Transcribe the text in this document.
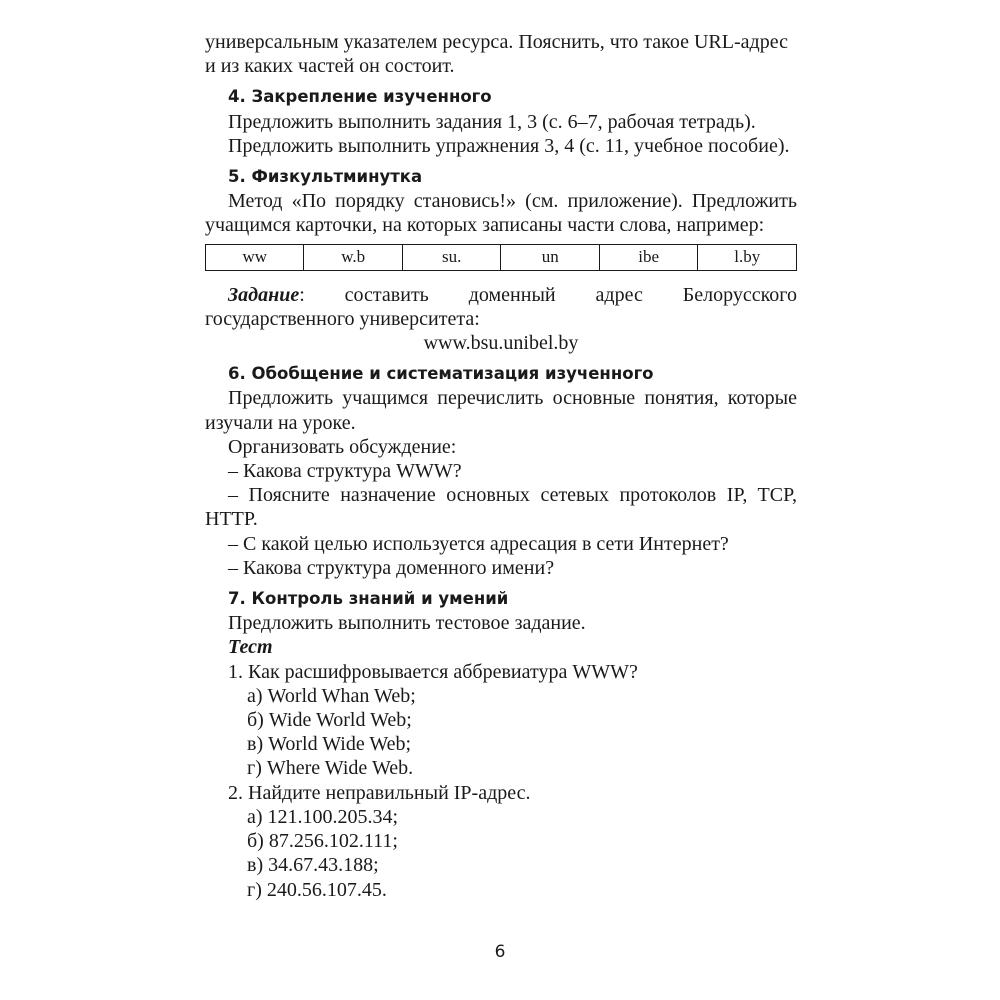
универсальным указателем ресурса. Пояснить, что такое URL-адрес

и из каких частей он состоит.

4. Закрепление изученного

Предложить выполнить задания 1, 3 (с. 6–7, рабочая тетрадь).

Предложить выполнить упражнения 3, 4 (с. 11, учебное пособие).

5. Физкультминутка

Метод «По порядку становись!» (см. приложение). Предложить учащимся карточки, на которых записаны части слова, например:

ww	w.b	su.	un	ibe	l.by

Задание: составить доменный адрес Белорусского государственного университета:

www.bsu.unibel.by

6. Обобщение и систематизация изученного

Предложить учащимся перечислить основные понятия, которые изучали на уроке.

Организовать обсуждение:

– Какова структура WWW?

– Поясните назначение основных сетевых протоколов IP, TCP, HTTP.

– С какой целью используется адресация в сети Интернет?

– Какова структура доменного имени?

7. Контроль знаний и умений

Предложить выполнить тестовое задание.

Тест

1. Как расшифровывается аббревиатура WWW?

а) World Whan Web;

б) Wide World Web;

в) World Wide Web;

г) Where Wide Web.

2. Найдите неправильный IP-адрес.

а) 121.100.205.34;

б) 87.256.102.111;

в) 34.67.43.188;

г) 240.56.107.45.

6
